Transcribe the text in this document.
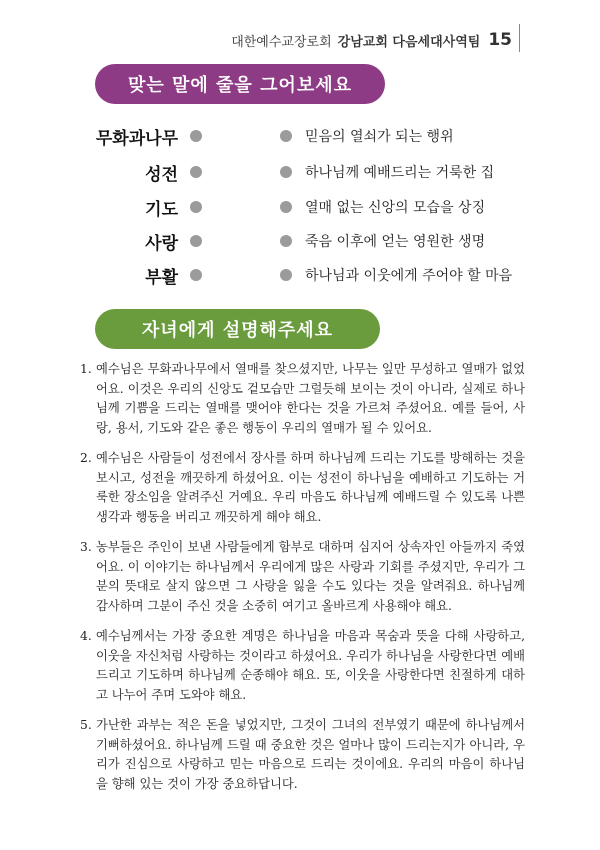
대한예수교장로회 강남교회 다음세대사역팀 15
맞는 말에 줄을 그어보세요
무화과나무	믿음의 열쇠가 되는 행위
성전	하나님께 예배드리는 거룩한 집
기도	열매 없는 신앙의 모습을 상징
사랑	죽음 이후에 얻는 영원한 생명
부활	하나님과 이웃에게 주어야 할 마음
자녀에게 설명해주세요
1. 예수님은 무화과나무에서 열매를 찾으셨지만, 나무는 잎만 무성하고 열매가 없었어요. 이것은 우리의 신앙도 겉모습만 그럴듯해 보이는 것이 아니라, 실제로 하나님께 기쁨을 드리는 열매를 맺어야 한다는 것을 가르쳐 주셨어요. 예를 들어, 사랑, 용서, 기도와 같은 좋은 행동이 우리의 열매가 될 수 있어요.
2. 예수님은 사람들이 성전에서 장사를 하며 하나님께 드리는 기도를 방해하는 것을 보시고, 성전을 깨끗하게 하셨어요. 이는 성전이 하나님을 예배하고 기도하는 거룩한 장소임을 알려주신 거예요. 우리 마음도 하나님께 예배드릴 수 있도록 나쁜 생각과 행동을 버리고 깨끗하게 해야 해요.
3. 농부들은 주인이 보낸 사람들에게 함부로 대하며 심지어 상속자인 아들까지 죽였어요. 이 이야기는 하나님께서 우리에게 많은 사랑과 기회를 주셨지만, 우리가 그분의 뜻대로 살지 않으면 그 사랑을 잃을 수도 있다는 것을 알려줘요. 하나님께 감사하며 그분이 주신 것을 소중히 여기고 올바르게 사용해야 해요.
4. 예수님께서는 가장 중요한 계명은 하나님을 마음과 목숨과 뜻을 다해 사랑하고, 이웃을 자신처럼 사랑하는 것이라고 하셨어요. 우리가 하나님을 사랑한다면 예배드리고 기도하며 하나님께 순종해야 해요. 또, 이웃을 사랑한다면 친절하게 대하고 나누어 주며 도와야 해요.
5. 가난한 과부는 적은 돈을 넣었지만, 그것이 그녀의 전부였기 때문에 하나님께서 기뻐하셨어요. 하나님께 드릴 때 중요한 것은 얼마나 많이 드리는지가 아니라, 우리가 진심으로 사랑하고 믿는 마음으로 드리는 것이에요. 우리의 마음이 하나님을 향해 있는 것이 가장 중요하답니다.
